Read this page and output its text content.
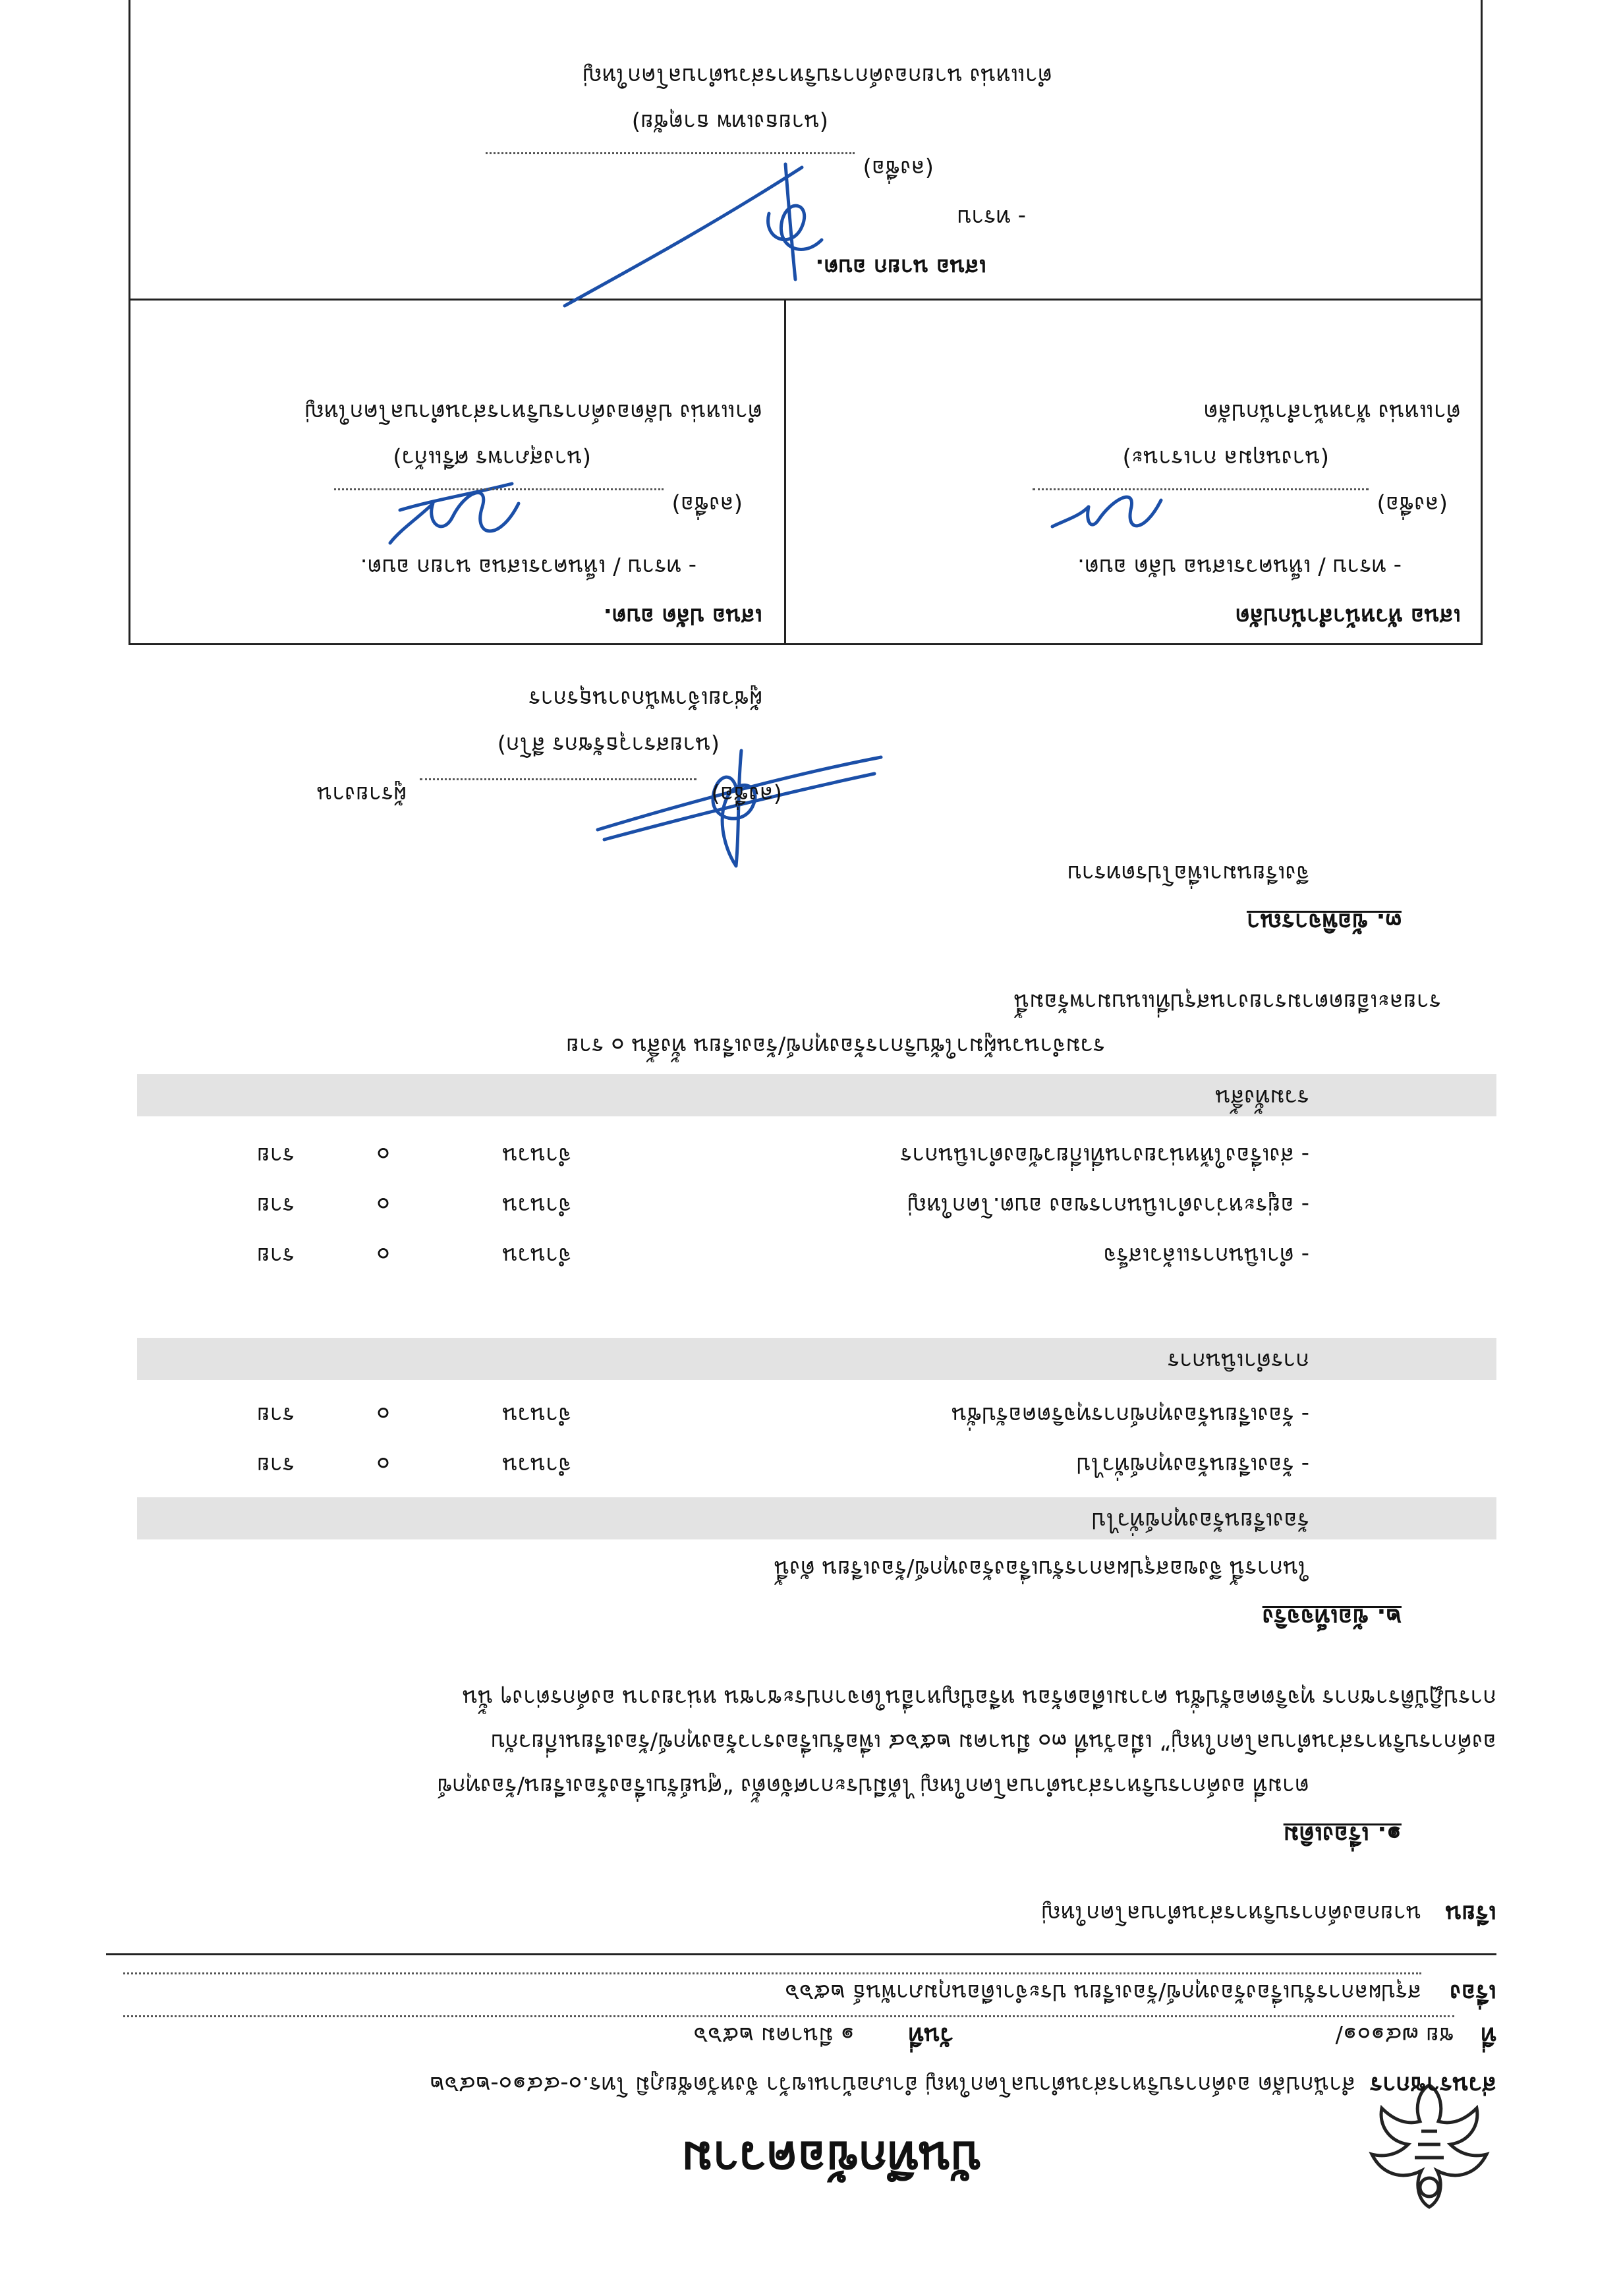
บันทึกข้อความ
ส่วนราชการ
สำนักปลัด องค์การบริหารส่วนตำบลโคกใหญ่ อำเภอบ้านเขว้า จังหวัดชัยภูมิ โทร.๐-๔๔๑๐-๒๔๖๒
ที่
ชย ๗๔๑๐๑/
วันที่
๑ มีนาคม ๒๕๖๖
เรื่อง
สรุปผลการรับเรื่องร้องทุกข์/ร้องเรียน ประจำเดือนกุมภาพันธ์ ๒๕๖๖
เรียน
นายกองค์การบริหารส่วนตำบลโคกใหญ่
๑. เรื่องเดิม
ตามที่ องค์การบริหารส่วนตำบลโคกใหญ่ ได้มีประกาศจัดตั้ง “ศูนย์รับเรื่องร้องเรียน/ร้องทุกข์
องค์การบริหารส่วนตำบลโคกใหญ่” เมื่อวันที่ ๓๐ มีนาคม ๒๕๖๔ เพื่อรับเรื่องราวร้องทุกข์/ร้องเรียนเกี่ยวกับ
การปฏิบัติราชการ ทุจริตคอรัปชั่น ความเดือดร้อน หรือปัญหาอื่นใดจากประชาชน หน่วยงาน องค์กรต่างๆ นั้น
๒. ข้อเท็จจริง
ในการนี้ จึงขอสรุปผลการรับเรื่องร้องทุกข์/ร้องเรียน ดังนี้
ร้องเรียนร้องทุกข์ทั่วไป
- ร้องเรียนร้องทุกข์ทั่วไป
จำนวน
๐
ราย
- ร้องเรียนร้องทุกข์การทุจริตคอรัปชั่น
จำนวน
๐
ราย
การดำเนินการ
- ดำเนินการแล้วเสร็จ
จำนวน
๐
ราย
- อยู่ระหว่างดำเนินการของ อบต.โคกใหญ่
จำนวน
๐
ราย
- ส่งเรื่องให้หน่วยงานที่เกี่ยวข้องดำเนินการ
จำนวน
๐
ราย
รวมทั้งสิ้น
รวมจำนวนผู้มาใช้บริการร้องทุกข์/ร้องเรียน ทั้งสิ้น ๐ ราย
รายละเอียดตามรายงานสรุปที่แนบมาพร้อมนี้
๓. ข้อพิจารณา
จึงเรียนมาเพื่อโปรดทราบ
(ลงชื่อ)
ผู้รายงาน
(นายสราวุธรัชกร สีโก)
ผู้ช่วยเจ้าพนักงานธุรการ
เสนอ หัวหน้าสำนักปลัด
- ทราบ / เห็นควรเสนอ ปลัด อบต.
(ลงชื่อ)
(นางนฤมล กาเรานะ)
ตำแหน่ง หัวหน้าสำนักปลัด
เสนอ ปลัด อบต.
- ทราบ / เห็นควรเสนอ นายก อบต.
(ลงชื่อ)
(นางสุภาพร ศรีแก้ว)
ตำแหน่ง ปลัดองค์การบริหารส่วนตำบลโคกใหญ่
เสนอ นายก อบต.
- ทราบ
(ลงชื่อ)
(นายธงเทพ ธาตุชัย)
ตำแหน่ง นายกองค์การบริหารส่วนตำบลโคกใหญ่
